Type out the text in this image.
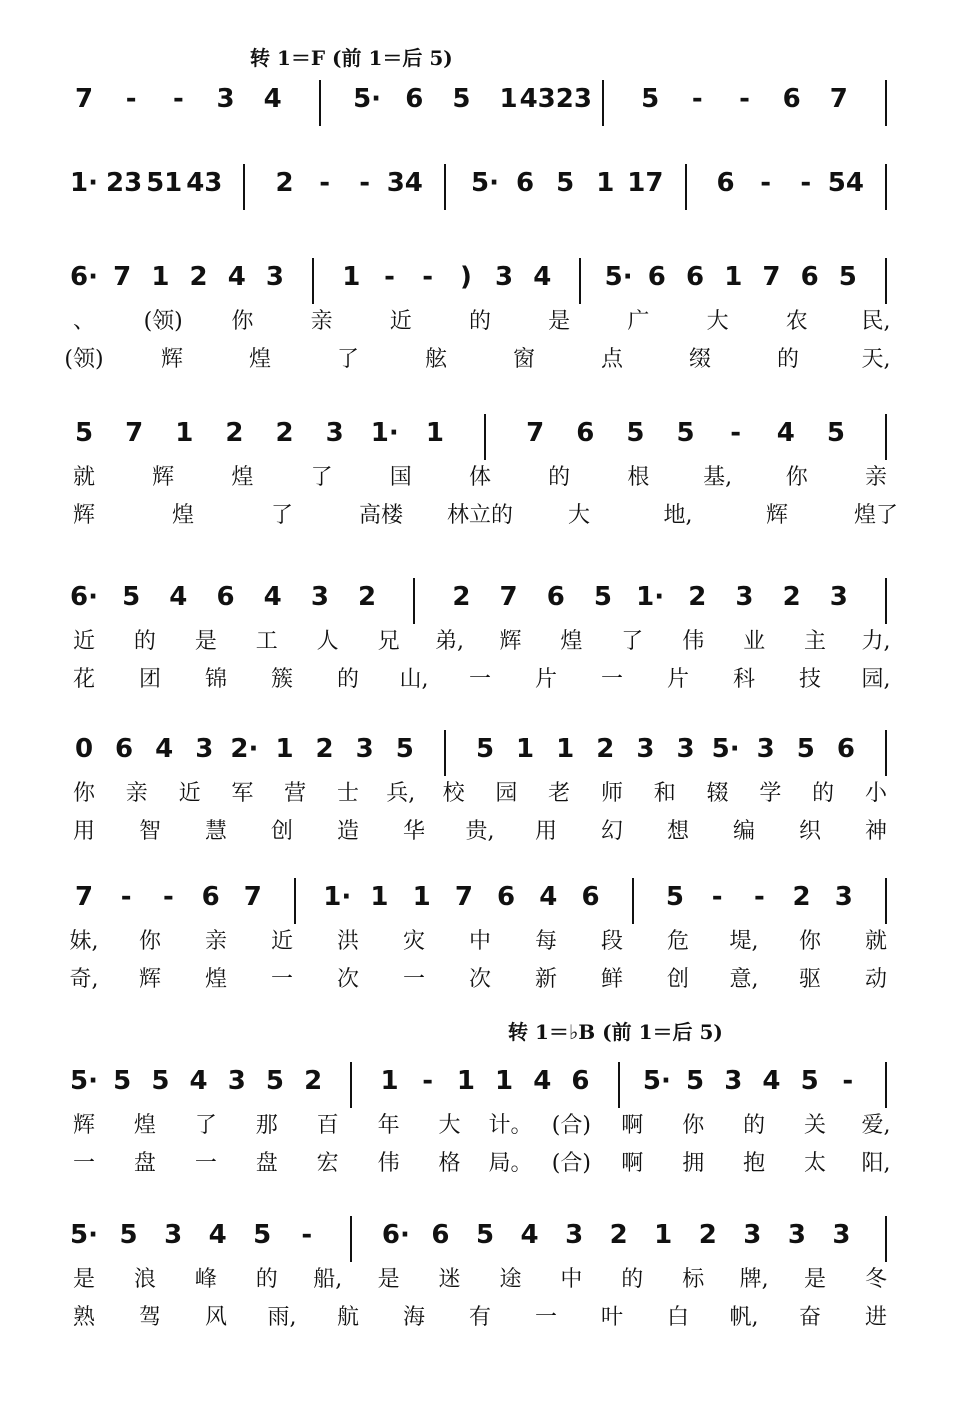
转 1＝F (前 1＝后 5)
转 1＝♭B (前 1＝后 5)
7 - - 3 4	5· 6 5 1 4323 5 - - 6 7
1· 23 51 43 2 - - 34 5· 6 5 1 17 6 - - 54
6· 7 1 2 4 3 1 - - ) 3 4 5· 6 6 1 7 6 5
、 (领) 你	亲	近	的	是	广	大	农 民,
(领)	辉	煌	了	舷	窗	点	缀	的	天,
5 7 1 2 2 3 1· 1	7 6 5 5 - 4 5
就	辉	煌	了	国	体	的	根 基, 你	亲
辉	煌	了	高楼 林立的 大	地,	辉	煌了
6· 5 4 6 4 3 2	2 7 6 5 1· 2 3 2 3
近 的 是 工 人 兄 弟, 辉 煌 了 伟 业 主 力,
花 团 锦 簇 的 山, 一 片 一 片 科 技 园,
0 6 4 3 2· 1 2 3 5 5 1 1 2 3 3 5· 3 5 6
你 亲 近 军 营 士 兵, 校 园 老 师 和 辍 学 的 小
用 智 慧 创 造 华 贵, 用 幻 想 编 织 神
7 - - 6 7 1· 1 1 7 6 4 6	5 - - 2 3
妹, 你 亲 近 洪 灾 中 每 段 危 堤, 你 就
奇, 辉 煌 一 次 一 次 新 鲜 创 意, 驱 动
5· 5 5 4 3 5 2 1 - 1 1 4 6 5· 5 3 4 5 -
辉 煌 了 那 百 年 大 计。 (合) 啊 你 的 关 爱,
一 盘 一 盘 宏 伟 格 局。 (合) 啊 拥 抱 太 阳,
5· 5 3 4 5 -	6· 6 5 4 3 2 1 2 3 3 3
是 浪 峰 的 船, 是 迷 途 中 的 标 牌, 是 冬
熟 驾 风 雨, 航 海 有 一 叶 白 帆, 奋 进
